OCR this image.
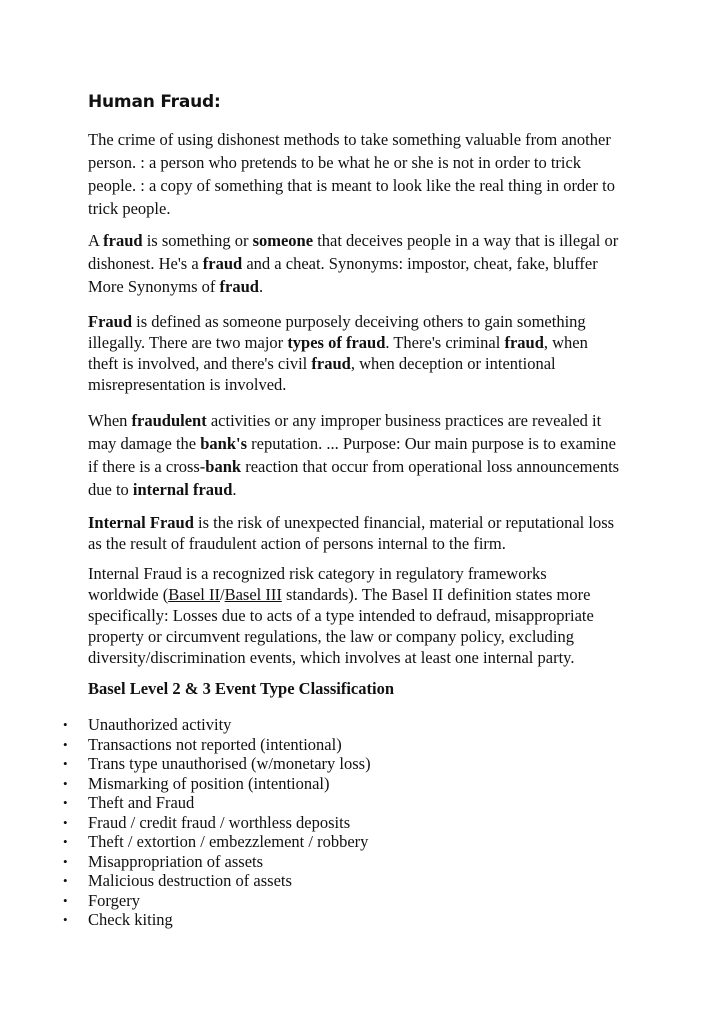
Human Fraud:

The crime of using dishonest methods to take something valuable from another
person. : a person who pretends to be what he or she is not in order to trick
people. : a copy of something that is meant to look like the real thing in order to
trick people.

A fraud is something or someone that deceives people in a way that is illegal or
dishonest. He's a fraud and a cheat. Synonyms: impostor, cheat, fake, bluffer
More Synonyms of fraud.

Fraud is defined as someone purposely deceiving others to gain something
illegally. There are two major types of fraud. There's criminal fraud, when
theft is involved, and there's civil fraud, when deception or intentional
misrepresentation is involved.

When fraudulent activities or any improper business practices are revealed it
may damage the bank's reputation. ... Purpose: Our main purpose is to examine
if there is a cross-bank reaction that occur from operational loss announcements
due to internal fraud.

Internal Fraud is the risk of unexpected financial, material or reputational loss
as the result of fraudulent action of persons internal to the firm.

Internal Fraud is a recognized risk category in regulatory frameworks
worldwide (Basel II/Basel III standards). The Basel II definition states more
specifically: Losses due to acts of a type intended to defraud, misappropriate
property or circumvent regulations, the law or company policy, excluding
diversity/discrimination events, which involves at least one internal party.

Basel Level 2 & 3 Event Type Classification
• Unauthorized activity
• Transactions not reported (intentional)
• Trans type unauthorised (w/monetary loss)
• Mismarking of position (intentional)
• Theft and Fraud
• Fraud / credit fraud / worthless deposits
• Theft / extortion / embezzlement / robbery
• Misappropriation of assets
• Malicious destruction of assets
• Forgery
• Check kiting
